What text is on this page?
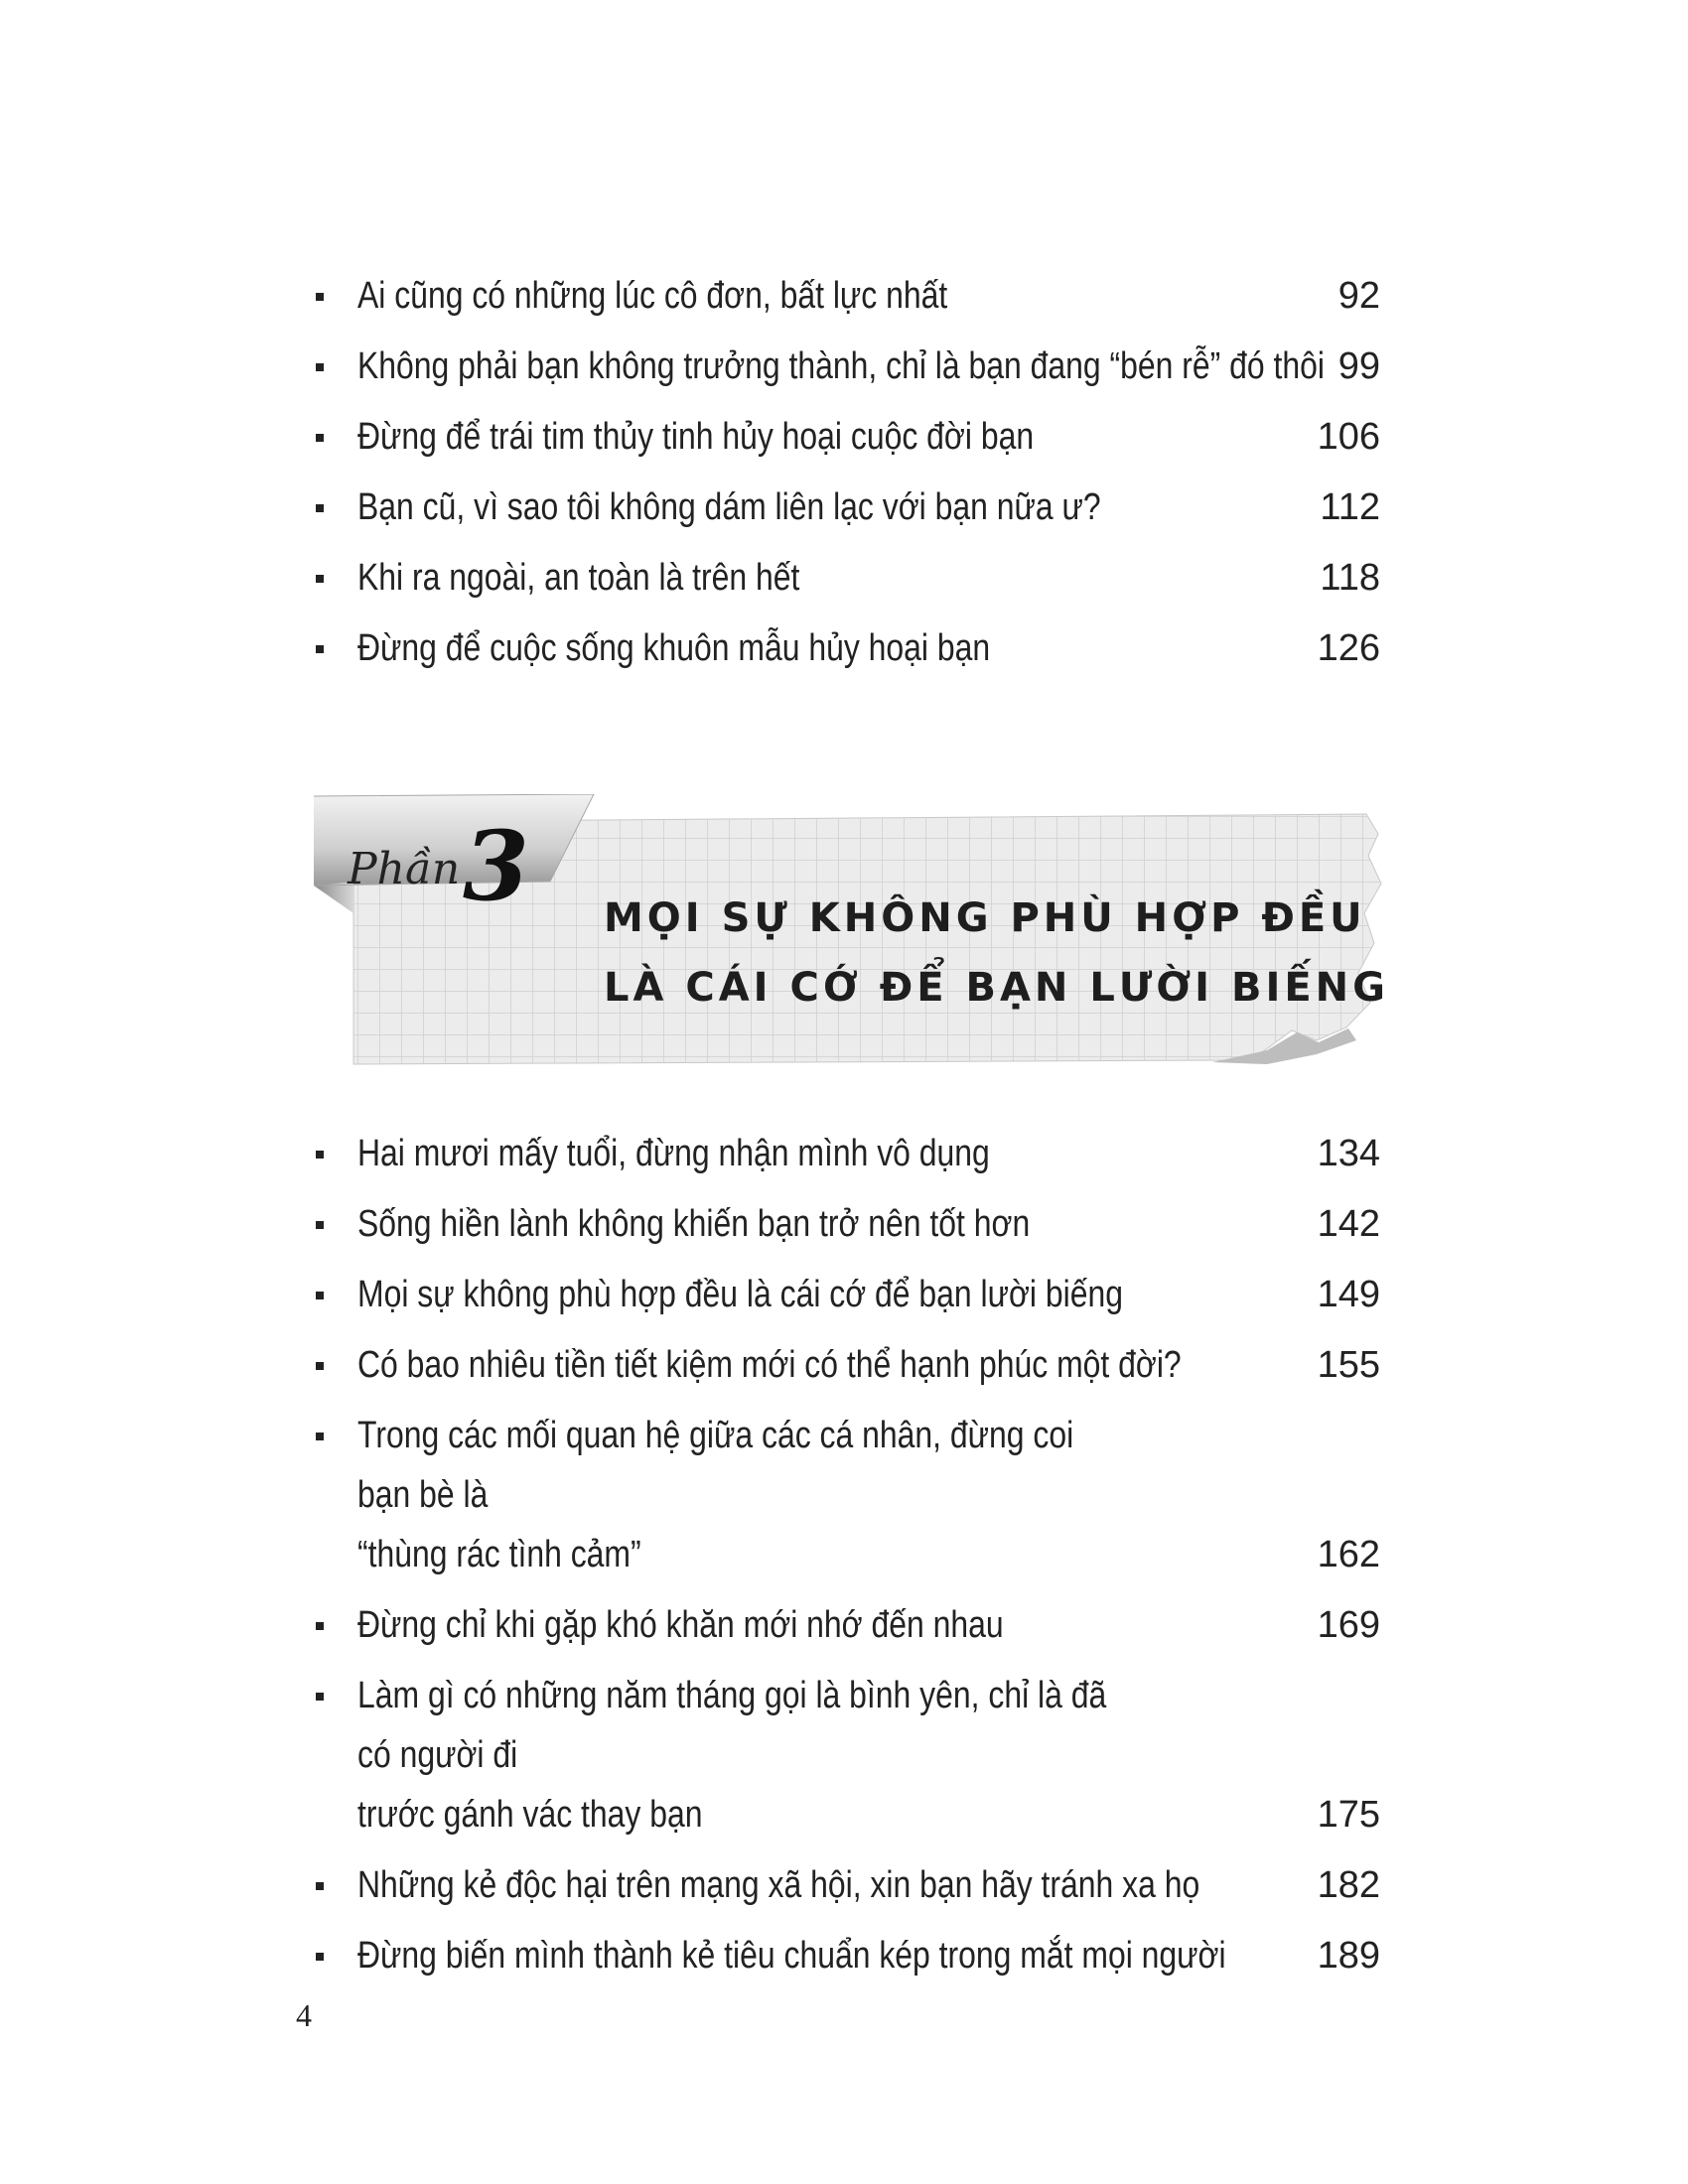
Ai cũng có những lúc cô đơn, bất lực nhất	92
Không phải bạn không trưởng thành, chỉ là bạn đang “bén rễ” đó thôi 99
Đừng để trái tim thủy tinh hủy hoại cuộc đời bạn	106
Bạn cũ, vì sao tôi không dám liên lạc với bạn nữa ư?	112
Khi ra ngoài, an toàn là trên hết	118
Đừng để cuộc sống khuôn mẫu hủy hoại bạn	126
Phần 3 MỌI SỰ KHÔNG PHÙ HỢP ĐỀU
LÀ CÁI CỚ ĐỂ BẠN LƯỜI BIẾNG
Hai mươi mấy tuổi, đừng nhận mình vô dụng	134
Sống hiền lành không khiến bạn trở nên tốt hơn	142
Mọi sự không phù hợp đều là cái cớ để bạn lười biếng	149
Có bao nhiêu tiền tiết kiệm mới có thể hạnh phúc một đời?	155
Trong các mối quan hệ giữa các cá nhân, đừng coi bạn bè là
“thùng rác tình cảm”	162
Đừng chỉ khi gặp khó khăn mới nhớ đến nhau	169
Làm gì có những năm tháng gọi là bình yên, chỉ là đã có người đi
trước gánh vác thay bạn	175
Những kẻ độc hại trên mạng xã hội, xin bạn hãy tránh xa họ	182
Đừng biến mình thành kẻ tiêu chuẩn kép trong mắt mọi người 189
4
